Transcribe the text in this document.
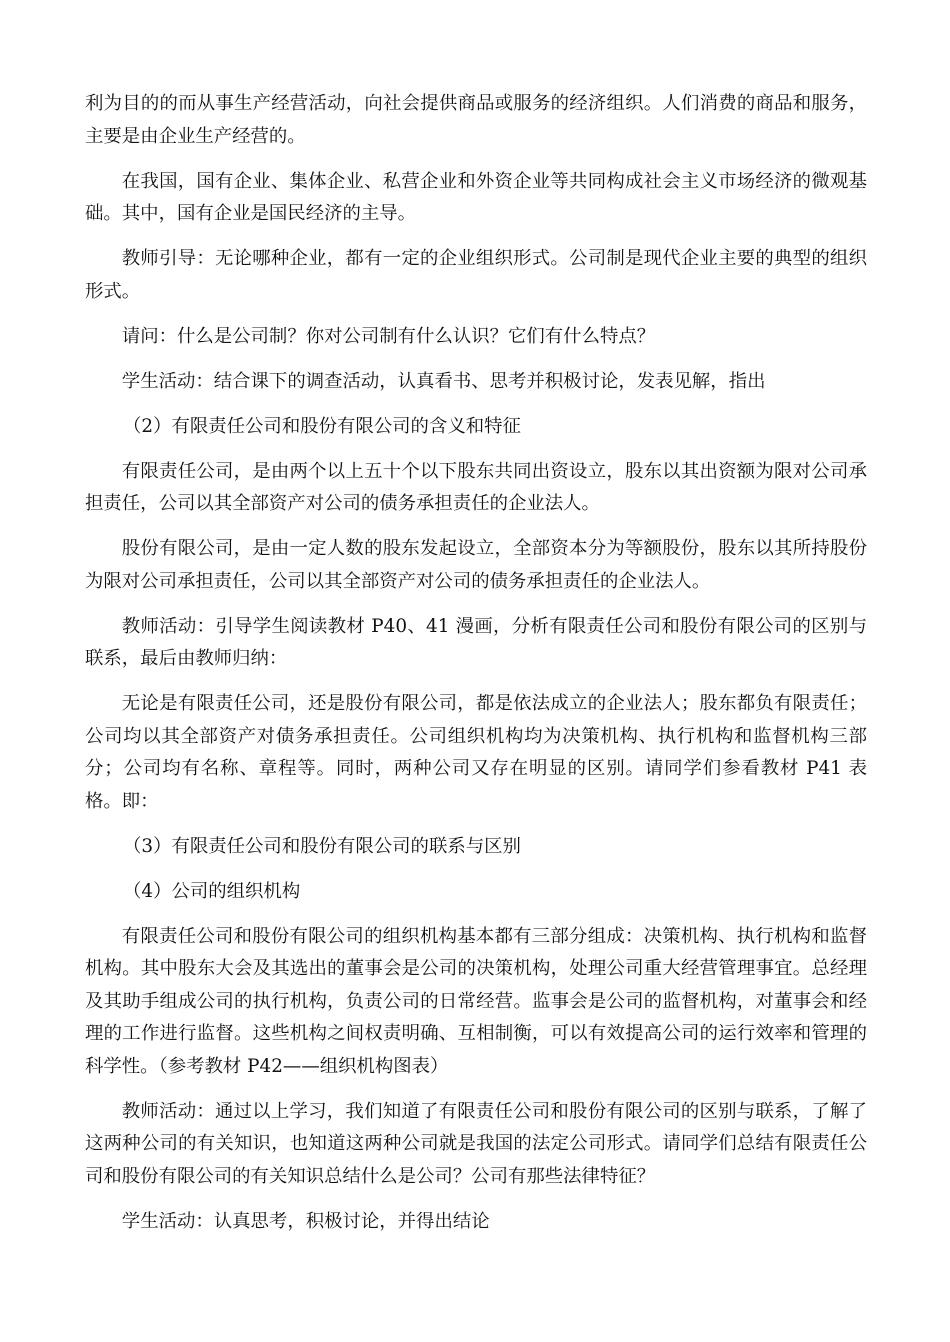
利为目的的而从事生产经营活动，向社会提供商品或服务的经济组织。人们消费的商品和服务，主要是由企业生产经营的。

在我国，国有企业、集体企业、私营企业和外资企业等共同构成社会主义市场经济的微观基础。其中，国有企业是国民经济的主导。

教师引导：无论哪种企业，都有一定的企业组织形式。公司制是现代企业主要的典型的组织形式。

请问：什么是公司制？你对公司制有什么认识？它们有什么特点？

学生活动：结合课下的调查活动，认真看书、思考并积极讨论，发表见解，指出

（2）有限责任公司和股份有限公司的含义和特征

有限责任公司，是由两个以上五十个以下股东共同出资设立，股东以其出资额为限对公司承担责任，公司以其全部资产对公司的债务承担责任的企业法人。

股份有限公司，是由一定人数的股东发起设立，全部资本分为等额股份，股东以其所持股份为限对公司承担责任，公司以其全部资产对公司的债务承担责任的企业法人。

教师活动：引导学生阅读教材 P40、41 漫画，分析有限责任公司和股份有限公司的区别与联系，最后由教师归纳：

无论是有限责任公司，还是股份有限公司，都是依法成立的企业法人；股东都负有限责任；公司均以其全部资产对债务承担责任。公司组织机构均为决策机构、执行机构和监督机构三部分；公司均有名称、章程等。同时，两种公司又存在明显的区别。请同学们参看教材 P41 表格。即：

（3）有限责任公司和股份有限公司的联系与区别

（4）公司的组织机构

有限责任公司和股份有限公司的组织机构基本都有三部分组成：决策机构、执行机构和监督机构。其中股东大会及其选出的董事会是公司的决策机构，处理公司重大经营管理事宜。总经理及其助手组成公司的执行机构，负责公司的日常经营。监事会是公司的监督机构，对董事会和经理的工作进行监督。这些机构之间权责明确、互相制衡，可以有效提高公司的运行效率和管理的科学性。（参考教材 P42——组织机构图表）

教师活动：通过以上学习，我们知道了有限责任公司和股份有限公司的区别与联系，了解了这两种公司的有关知识，也知道这两种公司就是我国的法定公司形式。请同学们总结有限责任公司和股份有限公司的有关知识总结什么是公司？公司有那些法律特征？

学生活动：认真思考，积极讨论，并得出结论
